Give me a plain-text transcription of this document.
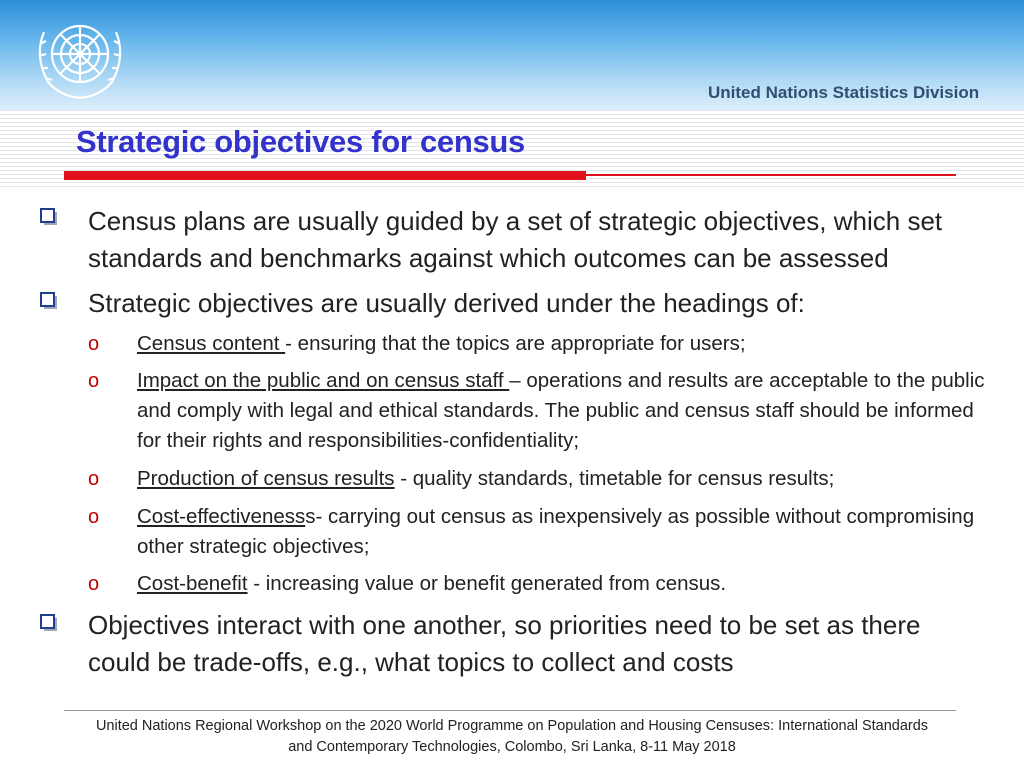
United Nations Statistics Division
Strategic objectives for census
Census plans are usually guided by a set of strategic objectives, which set standards and benchmarks against which outcomes can be assessed
Strategic objectives are usually derived under the headings of:
o Census content - ensuring that the topics are appropriate for users;
o Impact on the public and on census staff – operations and results are acceptable to the public and comply with legal and ethical standards. The public and census staff should be informed for their rights and responsibilities-confidentiality;
o Production of census results - quality standards, timetable for census results;
o Cost-effectivenesss- carrying out census as inexpensively as possible without compromising other strategic objectives;
o Cost-benefit - increasing value or benefit generated from census.
Objectives interact with one another, so priorities need to be set as there could be trade-offs, e.g., what topics to collect and costs
United Nations Regional Workshop on the 2020 World Programme on Population and Housing Censuses: International Standards
and Contemporary Technologies, Colombo, Sri Lanka, 8-11 May 2018
